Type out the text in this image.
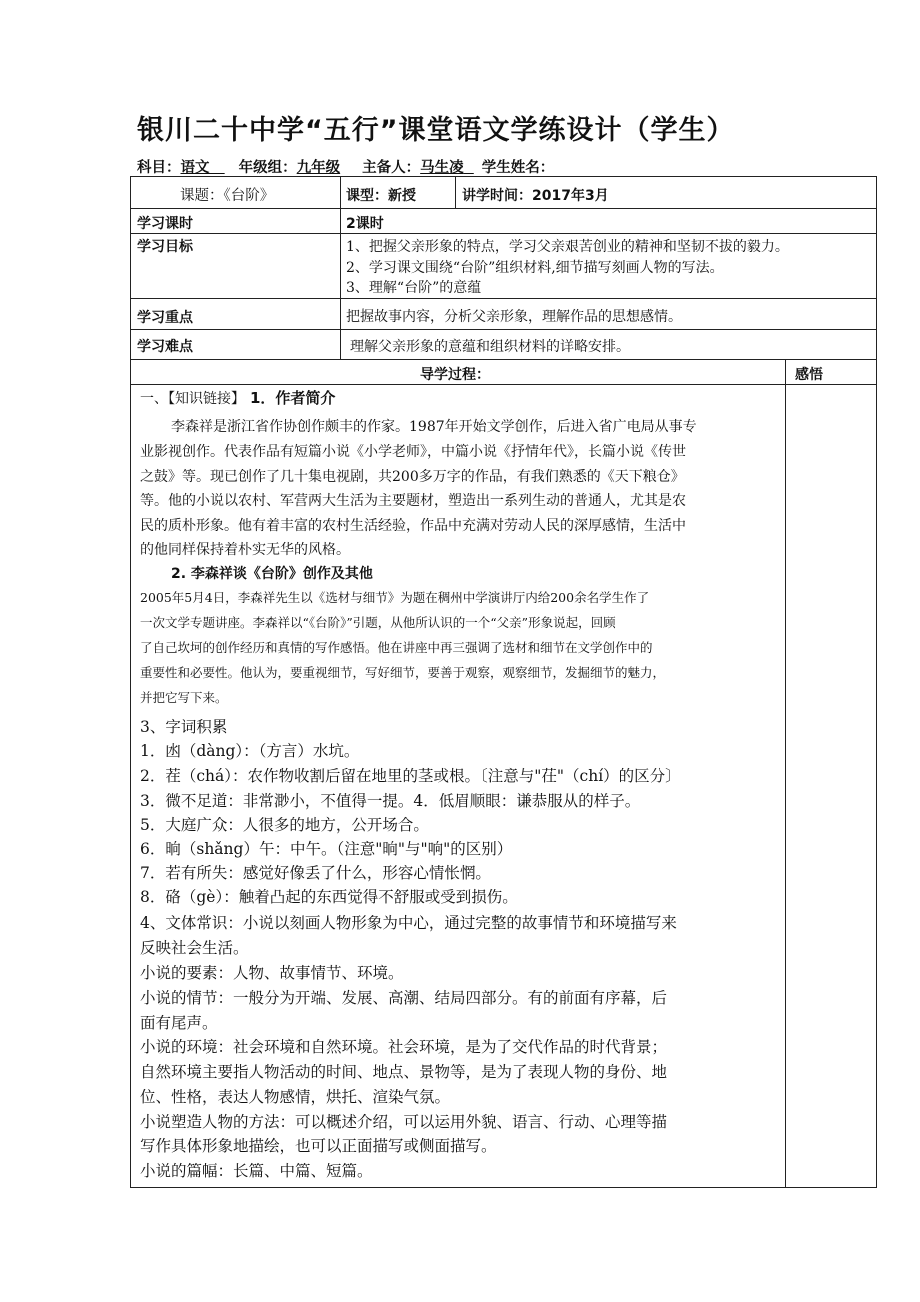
银川二十中学“五行”课堂语文学练设计（学生）
科目：语文 年级组：九年级 主备人：马生凌 学生姓名：
课题：《台阶》	课型：新授	讲学时间：2017年3月
学习课时	2课时
学习目标	1、把握父亲形象的特点，学习父亲艰苦创业的精神和坚韧不拔的毅力。
2、学习课文围绕“台阶”组织材料,细节描写刻画人物的写法。
3、理解“台阶”的意蕴
学习重点	把握故事内容，分析父亲形象，理解作品的思想感情。
学习难点	理解父亲形象的意蕴和组织材料的详略安排。
导学过程：	感悟
一、【知识链接】 1．作者简介
李森祥是浙江省作协创作颇丰的作家。1987年开始文学创作，后进入省广电局从事专
业影视创作。代表作品有短篇小说《小学老师》，中篇小说《抒情年代》，长篇小说《传世
之鼓》等。现已创作了几十集电视剧，共200多万字的作品，有我们熟悉的《天下粮仓》
等。他的小说以农村、军营两大生活为主要题材，塑造出一系列生动的普通人，尤其是农
民的质朴形象。他有着丰富的农村生活经验，作品中充满对劳动人民的深厚感情，生活中
的他同样保持着朴实无华的风格。
2. 李森祥谈《台阶》创作及其他
2005年5月4日，李森祥先生以《选材与细节》为题在稠州中学演讲厅内给200余名学生作了
一次文学专题讲座。李森祥以“《台阶》”引题，从他所认识的一个“父亲”形象说起，回顾
了自己坎坷的创作经历和真情的写作感悟。他在讲座中再三强调了选材和细节在文学创作中的
重要性和必要性。他认为，要重视细节，写好细节，要善于观察，观察细节，发掘细节的魅力，
并把它写下来。
3、字词积累
1．凼（dàng）：（方言）水坑。
2．茬（chá）：农作物收割后留在地里的茎或根。〔注意与"茌"（chí）的区分〕
3．微不足道：非常渺小，不值得一提。4．低眉顺眼：谦恭服从的样子。
5．大庭广众：人很多的地方，公开场合。
6．晌（shǎng）午：中午。（注意"晌"与"响"的区别）
7．若有所失：感觉好像丢了什么，形容心情怅惘。
8．硌（gè）：触着凸起的东西觉得不舒服或受到损伤。
4、文体常识：小说以刻画人物形象为中心，通过完整的故事情节和环境描写来
反映社会生活。
小说的要素：人物、故事情节、环境。
小说的情节：一般分为开端、发展、高潮、结局四部分。有的前面有序幕，后
面有尾声。
小说的环境：社会环境和自然环境。社会环境，是为了交代作品的时代背景；
自然环境主要指人物活动的时间、地点、景物等，是为了表现人物的身份、地
位、性格，表达人物感情，烘托、渲染气氛。
小说塑造人物的方法：可以概述介绍，可以运用外貌、语言、行动、心理等描
写作具体形象地描绘，也可以正面描写或侧面描写。
小说的篇幅：长篇、中篇、短篇。
